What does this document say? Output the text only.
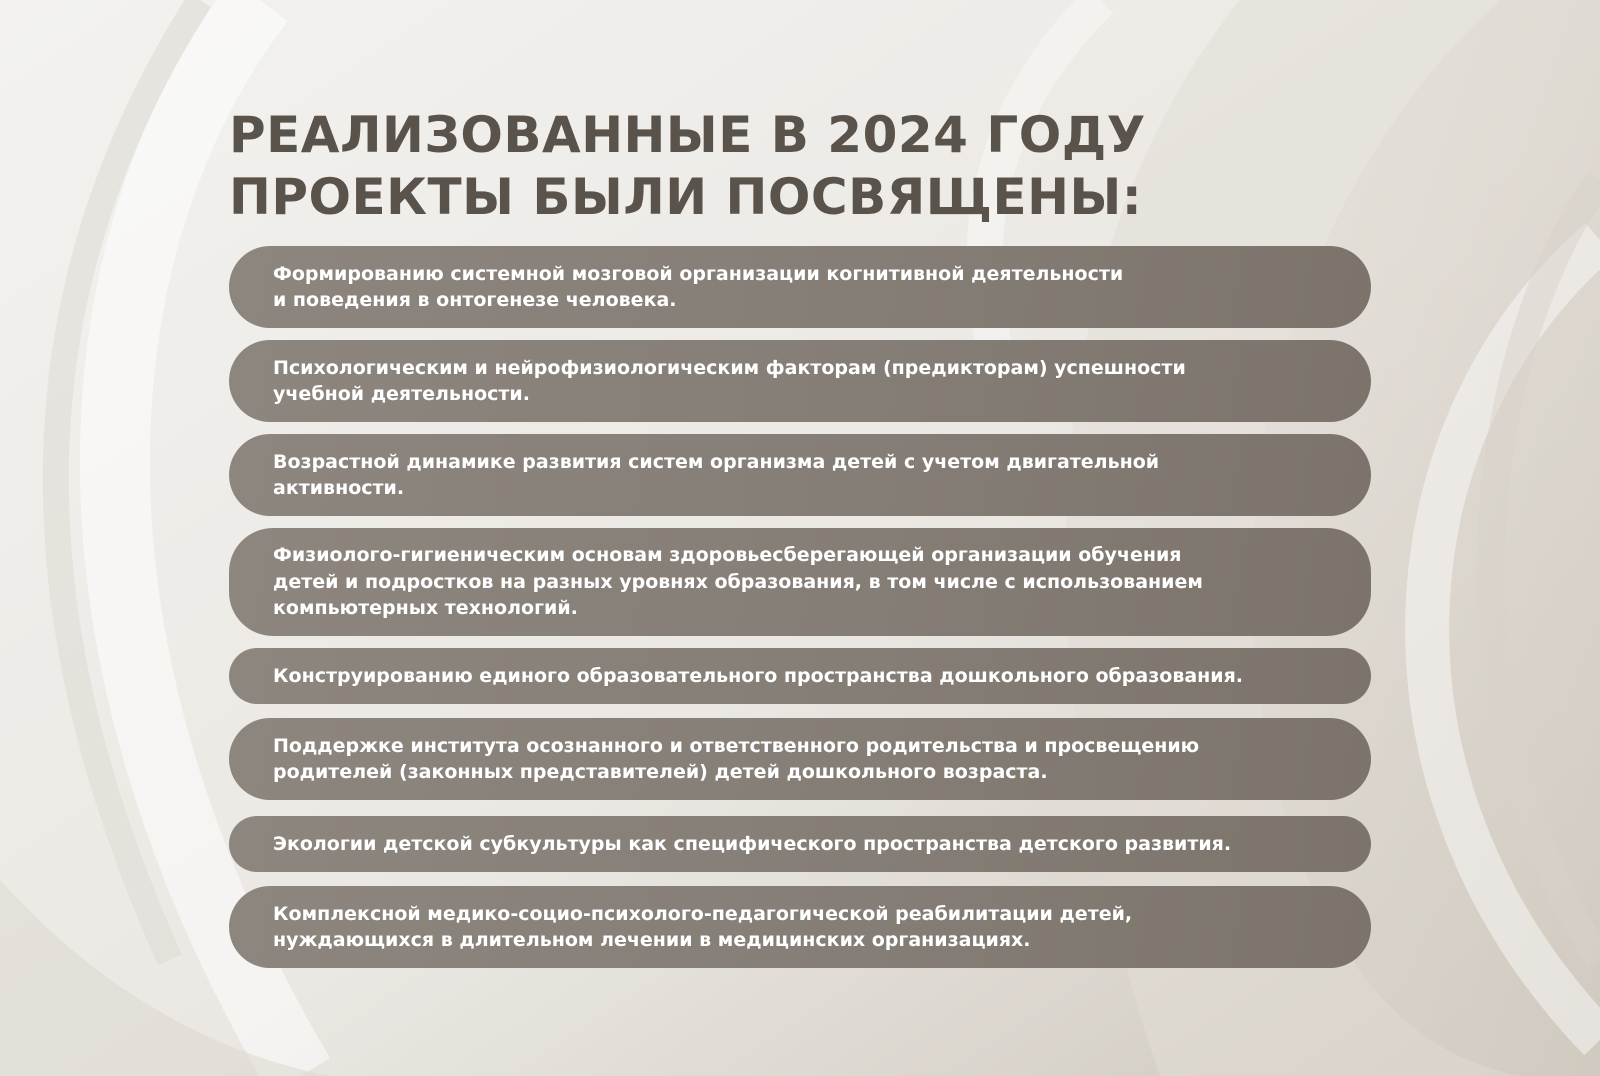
РЕАЛИЗОВАННЫЕ В 2024 ГОДУ
ПРОЕКТЫ БЫЛИ ПОСВЯЩЕНЫ:
Формированию системной мозговой организации когнитивной деятельности
и поведения в онтогенезе человека.
Психологическим и нейрофизиологическим факторам (предикторам) успешности
учебной деятельности.
Возрастной динамике развития систем организма детей с учетом двигательной
активности.
Физиолого-гигиеническим основам здоровьесберегающей организации обучения
детей и подростков на разных уровнях образования, в том числе с использованием
компьютерных технологий.
Конструированию единого образовательного пространства дошкольного образования.
Поддержке института осознанного и ответственного родительства и просвещению
родителей (законных представителей) детей дошкольного возраста.
Экологии детской субкультуры как специфического пространства детского развития.
Комплексной медико-социо-психолого-педагогической реабилитации детей,
нуждающихся в длительном лечении в медицинских организациях.
